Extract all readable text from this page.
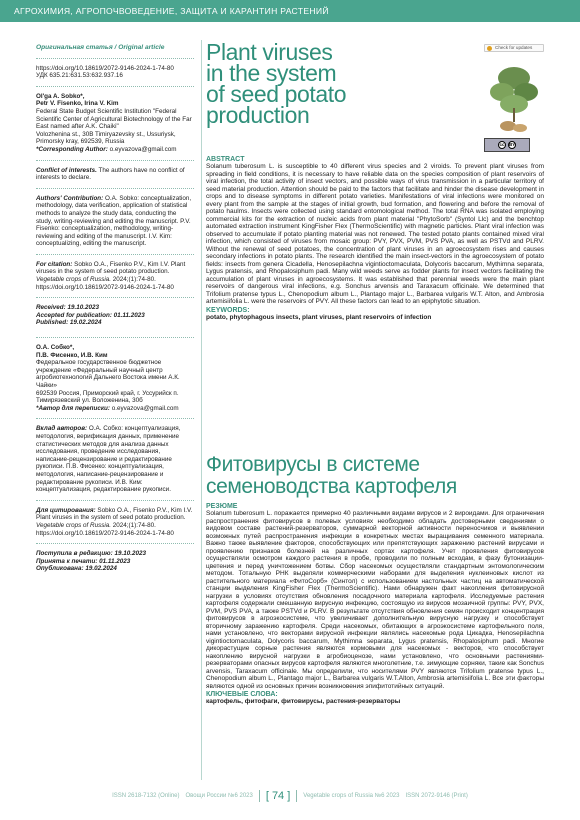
АГРОХИМИЯ, АГРОПОЧВОВЕДЕНИЕ, ЗАЩИТА И КАРАНТИН РАСТЕНИЙ

Оригинальная статья / Original article

https://doi.org/10.18619/2072-9146-2024-1-74-80

УДК 635.21:631.53:632.937.16

Ol'ga A. Sobko*,
Petr V. Fisenko, Irina V. Kim

Federal State Budget Scientific Institution "Federal Scientific Center of Agricultural Biotechnology of the Far East named after A.K. Chaiki"
Volozhenina st., 30B Timiryazevsky st., Ussuriysk, Primorsky kray, 692539, Russia

*Corresponding Author: o.eyvazova@gmail.com

Conflict of interests. The authors have no conflict of interests to declare.

Authors' Contribution: O.A. Sobko: conceptualization, methodology, data verification, application of statistical methods to analyze the study data, conducting the study, writing-reviewing and editing the manuscript. P.V. Fisenko: conceptualization, methodology, writing-reviewing and editing of the manuscript. I.V. Kim: conceptualizing, editing the manuscript.

For citation: Sobko O.A., Fisenko P.V., Kim I.V. Plant viruses in the system of seed potato production. Vegetable crops of Russia. 2024;(1):74-80. https://doi.org/10.18619/2072-9146-2024-1-74-80

Received: 19.10.2023

Accepted for publication: 01.11.2023

Published: 19.02.2024

О.А. Собко*,
П.В. Фисенко, И.В. Ким

Федеральное государственное бюджетное учреждение «Федеральный научный центр агробиотехнологий Дальнего Востока имени А.К. Чайки»
692539 Россия, Приморский край, г. Уссурийск п. Тимирязевский ул. Воложенина, 30б

*Автор для переписки: o.eyvazova@gmail.com

Вклад авторов: О.А. Собко: концептуализация, методология, верификация данных, применение статистических методов для анализа данных исследования, проведение исследования, написание-рецензирование и редактирование рукописи. П.В. Фисенко: концептуализация, методология, написание-рецензирование и редактирование рукописи. И.В. Ким: концептуализация, редактирование рукописи.

Для цитирования: Sobko O.A., Fisenko P.V., Kim I.V. Plant viruses in the system of seed potato production. Vegetable crops of Russia. 2024;(1):74-80. https://doi.org/10.18619/2072-9146-2024-1-74-80

Поступила в редакцию: 19.10.2023

Принята к печати: 01.11.2023

Опубликована: 19.02.2024

Plant viruses
in the system
of seed potato
production
Check for updates
cc	BY

ABSTRACT

Solanum tuberosum L. is susceptible to 40 different virus species and 2 viroids. To prevent plant viruses from spreading in field conditions, it is necessary to have reliable data on the species composition of plant reservoirs of viral infection, the total activity of insect vectors, and possible ways of virus transmission in a particular territory of seed material production. Attention should be paid to the factors that facilitate and hinder the disease development in crops and to disease symptoms in different potato varieties. Manifestations of viral infections were monitored on every plant from the sample at the stages of initial growth, bud formation, and flowering and before the removal of potato haulms. Insects were collected using standard entomological method. The total RNA was isolated employing commercial kits for the extraction of nucleic acids from plant material "PhytoSorb" (Syntol Llc) and the benchtop automated extraction instrument KingFisher Flex (ThermoScientific) with magnetic particles. Plant viral infection was observed to accumulate if potato planting material was not renewed. The tested potato plants contained mixed viral infection, which consisted of viruses from mosaic group: PVY, PVX, PVM, PVS PVA, as well as PSTVd and PLRV. Without the renewal of seed potatoes, the concentration of plant viruses in an agroecosystem rises and causes secondary infections in potato plants. The research identified the main insect-vectors in the agroecosystem of potato fields: insects from genera Cicadella, Henosepilachna vigintioctomaculata, Dolycoris baccarum, Mythimna separata, Lygus pratensis, and Rhopalosiphum padi. Many wild weeds serve as fodder plants for insect vectors facilitating the accumulation of plant viruses in agroecosystems. It was established that perennial weeds were the main plant reservoirs of dangerous viral infections, e.g. Sonchus arvensis and Taraxacum officinale. We determined that Trifolium pratense typus L., Chenopodium album L., Plantago major L., Barbarea vulgaris W.T. Alton, and Ambrosia artemisiifolia L. were the reservoirs of PVY. All these factors can lead to an epiphytotic situation.

KEYWORDS:

potato, phytophagous insects, plant viruses, plant reservoirs of infection

Фитовирусы в системе
семеноводства картофеля

РЕЗЮМЕ

Solanum tuberosum L. поражается примерно 40 различными видами вирусов и 2 вироидами. Для ограничения распространения фитовирусов в полевых условиях необходимо обладать достоверными сведениями о видовом составе растений-резерваторов, суммарной векторной активности переносчиков и выявлении возможных путей распространения инфекции в конкретных местах выращивания семенного материала. Важно также выявление факторов, способствующих или препятствующих заражению растений вирусами и проявлению признаков болезней на различных сортах картофеля. Учет проявления фитовирусов осуществляли осмотром каждого растения в пробе, проводили по полным всходам, в фазу бутонизации-цветения и перед уничтожением ботвы. Сбор насекомых осуществляли стандартным энтомологическим методом. Тотальную РНК выделяли коммерческими наборами для выделения нуклеиновых кислот из растительного материала «ФитоСорб» (Синтол) с использованием настольных частиц на автоматической станции выделения KingFisher Flex (ThermoScientific). Нами обнаружен факт накопления фитовирусной нагрузки в условиях отсутствия обновления посадочного материала картофеля. Исследуемые растения картофеля содержали смешанную вирусную инфекцию, состоящую из вирусов мозаичной группы: PVY, PVX, PVM, PVS PVA, а также PSTVd и PLRV. В результате отсутствия обновления семян происходит концентрация фитовирусов в агроэкосистеме, что увеличивает дополнительную вирусную нагрузку и способствует вторичному заражению картофеля. Среди насекомых, обитающих в агроэкосистеме картофельного поля, нами установлено, что векторами вирусной инфекции являлись насекомые рода Цикадка, Henosepilachna vigintioctomaculata, Dolycoris baccarum, Mythimna separata, Lygus pratensis, Rhopalosiphum padi. Многие дикорастущие сорные растения являются кормовыми для насекомых - векторов, что способствует накоплению вирусной нагрузки в агробиоценозе, нами установлено, что основными растениями-резерваторами опасных вирусов картофеля являются многолетние, т.е. зимующие сорняки, такие как Sonchus arvensis, Taraxacum officinale. Мы определили, что носителями PVY являются Trifolium pratense typus L., Chenopodium album L., Plantago major L., Barbarea vulgaris W.T.Alton, Ambrosia artemisiifolia L. Все эти факторы являются одной из основных причин возникновения эпифитотийных ситуаций.

КЛЮЧЕВЫЕ СЛОВА:

картофель, фитофаги, фитовирусы, растения-резерваторы

ISSN 2618-7132 (Online) Овощи России №6 2023	[ 74 ]	Vegetable crops of Russia №6 2023 ISSN 2072-9146 (Print)
